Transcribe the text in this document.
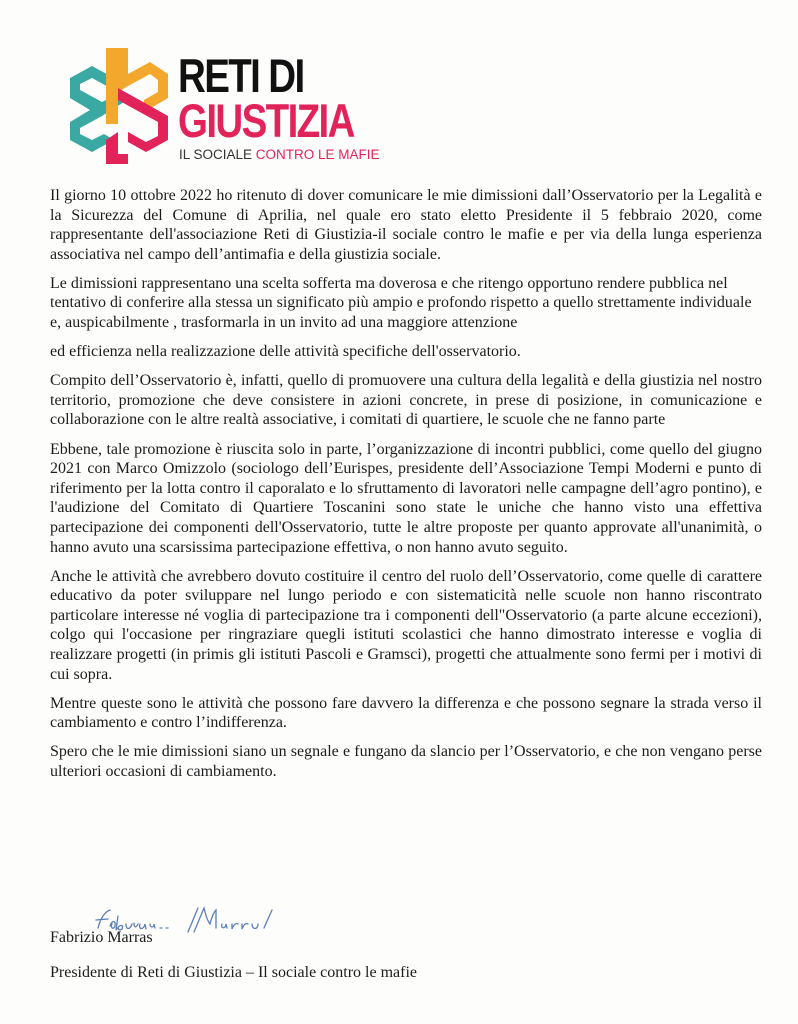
RETI DI
GIUSTIZIA
IL SOCIALE CONTRO LE MAFIE

Il giorno 10 ottobre 2022 ho ritenuto di dover comunicare le mie dimissioni dall’Osservatorio per la Legalità e la Sicurezza del Comune di Aprilia, nel quale ero stato eletto Presidente il 5 febbraio 2020, come rappresentante dell'associazione Reti di Giustizia-il sociale contro le mafie e per via della lunga esperienza associativa nel campo dell’antimafia e della giustizia sociale.

Le dimissioni rappresentano una scelta sofferta ma doverosa e che ritengo opportuno rendere pubblica nel tentativo di conferire alla stessa un significato più ampio e profondo rispetto a quello strettamente individuale e, auspicabilmente , trasformarla in un invito ad una maggiore attenzione

ed efficienza nella realizzazione delle attività specifiche dell'osservatorio.

Compito dell’Osservatorio è, infatti, quello di promuovere una cultura della legalità e della giustizia nel nostro territorio, promozione che deve consistere in azioni concrete, in prese di posizione, in comunicazione e collaborazione con le altre realtà associative, i comitati di quartiere, le scuole che ne fanno parte

Ebbene, tale promozione è riuscita solo in parte, l’organizzazione di incontri pubblici, come quello del giugno 2021 con Marco Omizzolo (sociologo dell’Eurispes, presidente dell’Associazione Tempi Moderni e punto di riferimento per la lotta contro il caporalato e lo sfruttamento di lavoratori nelle campagne dell’agro pontino), e l'audizione del Comitato di Quartiere Toscanini sono state le uniche che hanno visto una effettiva partecipazione dei componenti dell'Osservatorio, tutte le altre proposte per quanto approvate all'unanimità, o hanno avuto una scarsissima partecipazione effettiva, o non hanno avuto seguito.

Anche le attività che avrebbero dovuto costituire il centro del ruolo dell’Osservatorio, come quelle di carattere educativo da poter sviluppare nel lungo periodo e con sistematicità nelle scuole non hanno riscontrato particolare interesse né voglia di partecipazione tra i componenti dell"Osservatorio (a parte alcune eccezioni), colgo qui l'occasione per ringraziare quegli istituti scolastici che hanno dimostrato interesse e voglia di realizzare progetti (in primis gli istituti Pascoli e Gramsci), progetti che attualmente sono fermi per i motivi di cui sopra.

Mentre queste sono le attività che possono fare davvero la differenza e che possono segnare la strada verso il cambiamento e contro l’indifferenza.

Spero che le mie dimissioni siano un segnale e fungano da slancio per l’Osservatorio, e che non vengano perse ulteriori occasioni di cambiamento.

Fabrizio Marras
Presidente di Reti di Giustizia – Il sociale contro le mafie
